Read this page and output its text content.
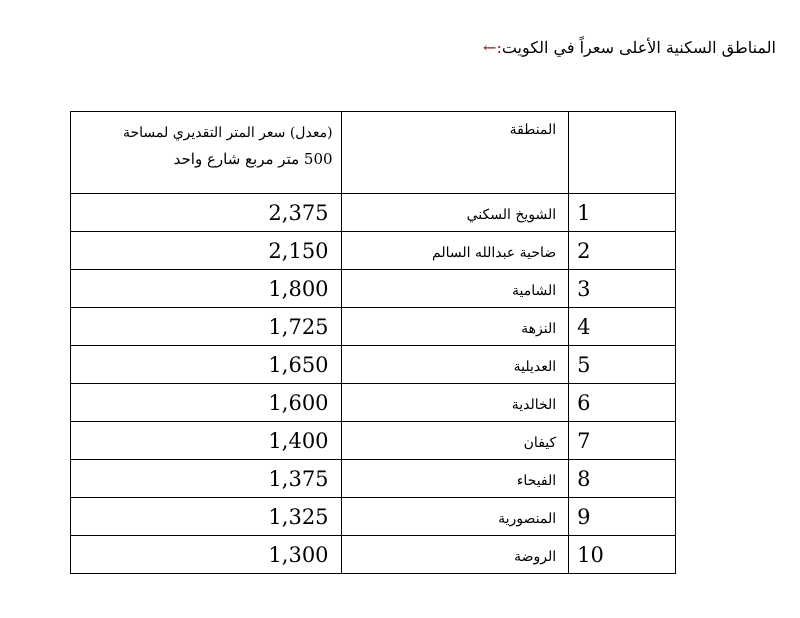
المناطق السكنية الأعلى سعراً في الكويت:←
	المنطقة	(معدل) سعر المتر التقديري لمساحة
500 متر مربع شارع واحد

1	الشويخ السكني	2,375
2	ضاحية عبدالله السالم	2,150
3	الشامية	1,800
4	النزهة	1,725
5	العديلية	1,650
6	الخالدية	1,600
7	كيفان	1,400
8	الفيحاء	1,375
9	المنصورية	1,325
10	الروضة	1,300
